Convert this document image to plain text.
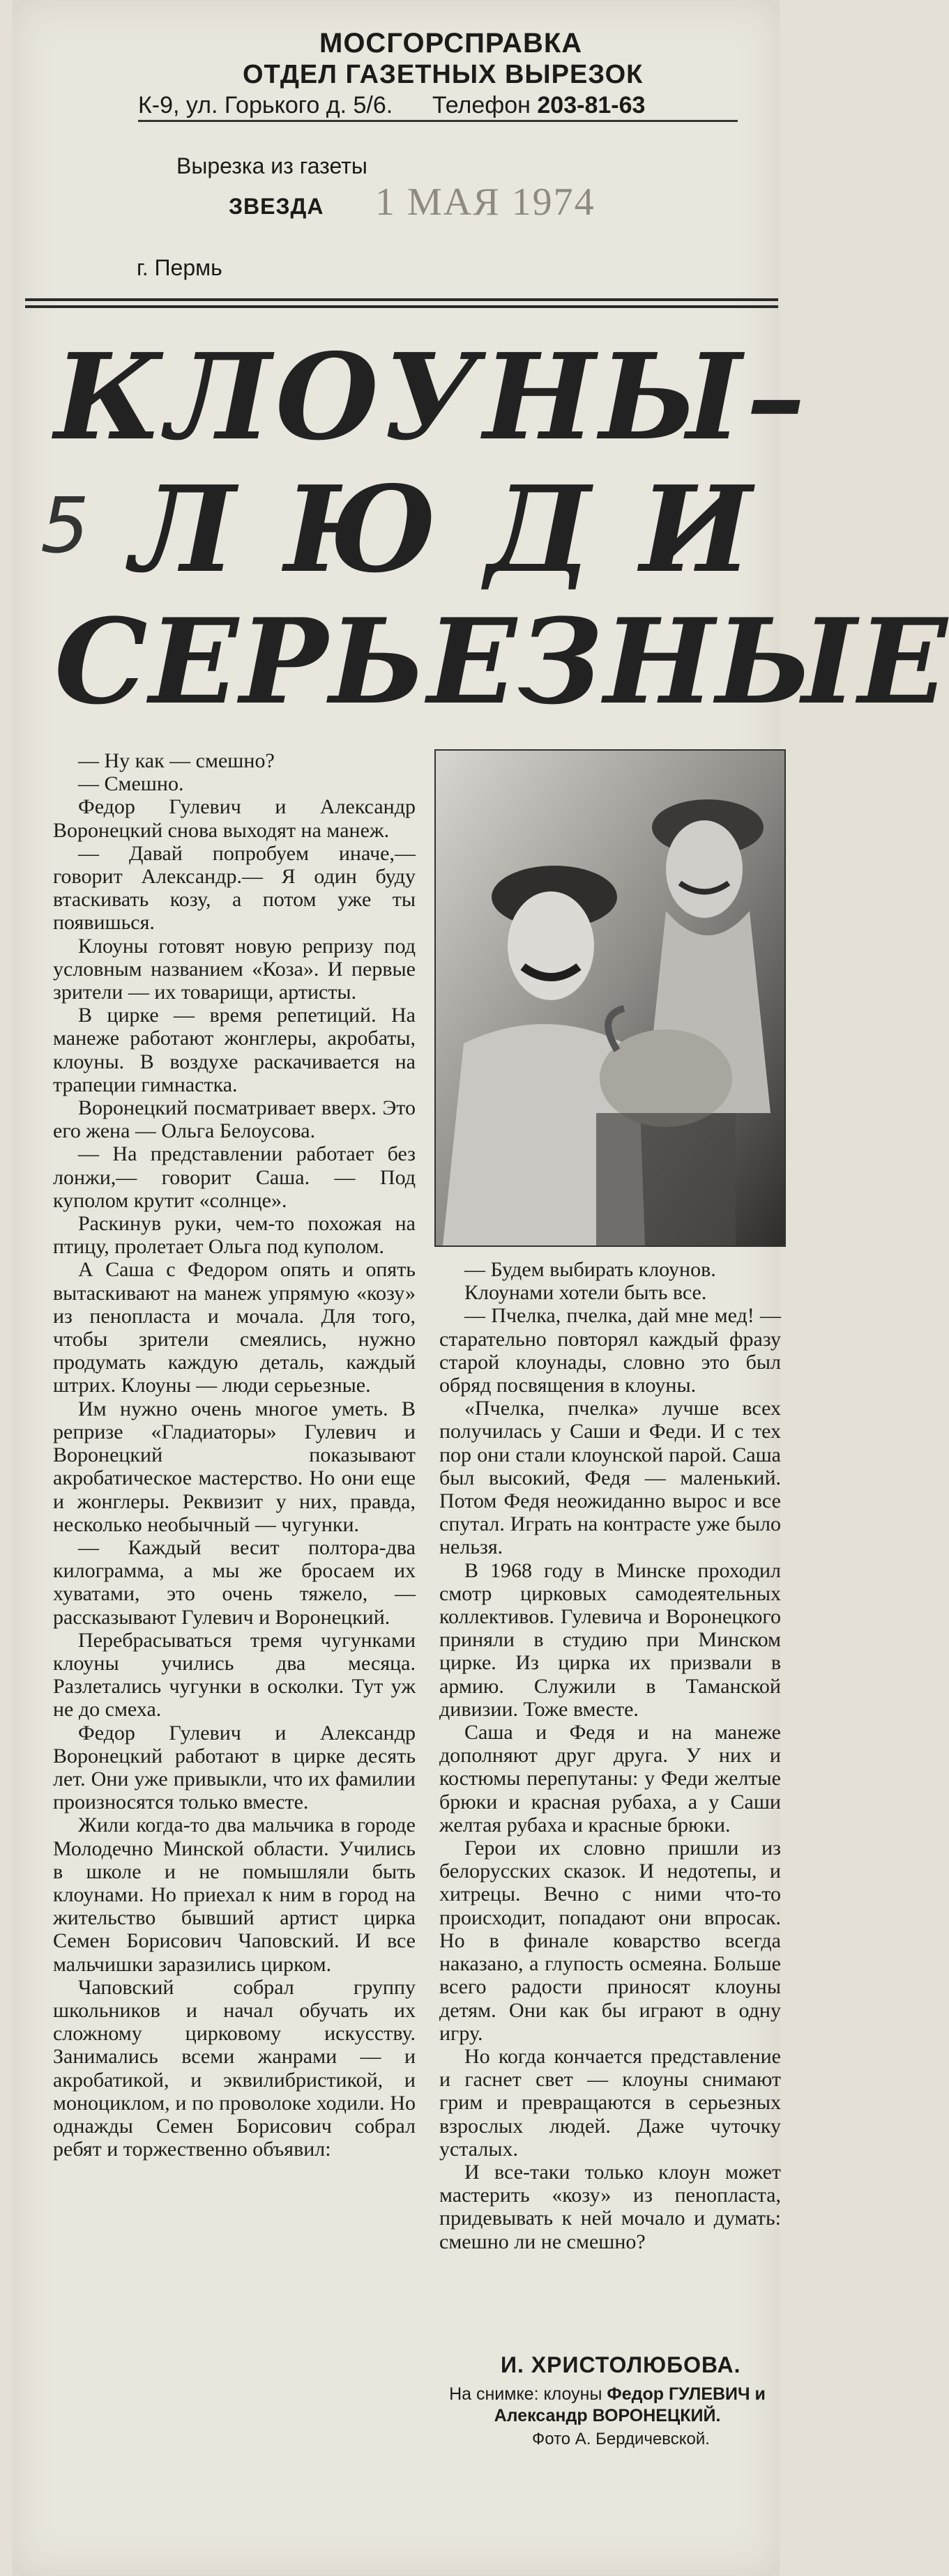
МОСГОРСПРАВКА
ОТДЕЛ ГАЗЕТНЫХ ВЫРЕЗОК
К-9, ул. Горького д. 5/6. Телефон 203-81-63
Вырезка из газеты
ЗВЕЗДА 1 МАЯ 1974
г. Пермь
5
КЛОУНЫ–
ЛЮДИ
СЕРЬЕЗНЫЕ

— Ну как — смешно?

— Смешно.

Федор Гулевич и Александр Воронецкий снова выходят на манеж.

— Давай попробуем иначе,— говорит Александр.— Я один буду втаскивать козу, а потом уже ты появишься.

Клоуны готовят новую репризу под условным названием «Коза». И первые зрители — их товарищи, артисты.

В цирке — время репетиций. На манеже работают жонглеры, акробаты, клоуны. В воздухе раскачивается на трапеции гимнастка.

Воронецкий посматривает вверх. Это его жена — Ольга Белоусова.

— На представлении работает без лонжи,— говорит Саша. — Под куполом крутит «солнце».

Раскинув руки, чем-то похожая на птицу, пролетает Ольга под куполом.

А Саша с Федором опять и опять вытаскивают на манеж упрямую «козу» из пенопласта и мочала. Для того, чтобы зрители смеялись, нужно продумать каждую деталь, каждый штрих. Клоуны — люди серьезные.

Им нужно очень многое уметь. В репризе «Гладиаторы» Гулевич и Воронецкий показывают акробатическое мастерство. Но они еще и жонглеры. Реквизит у них, правда, несколько необычный — чугунки.

— Каждый весит полтора-два килограмма, а мы же бросаем их хуватами, это очень тяжело, — рассказывают Гулевич и Воронецкий.

Перебрасываться тремя чугунками клоуны учились два месяца. Разлетались чугунки в осколки. Тут уж не до смеха.

Федор Гулевич и Александр Воронецкий работают в цирке десять лет. Они уже привыкли, что их фамилии произносятся только вместе.

Жили когда-то два мальчика в городе Молодечно Минской области. Учились в школе и не помышляли быть клоунами. Но приехал к ним в город на жительство бывший артист цирка Семен Борисович Чаповский. И все мальчишки заразились цирком.

Чаповский собрал группу школьников и начал обучать их сложному цирковому искусству. Занимались всеми жанрами — и акробатикой, и эквилибристикой, и моноциклом, и по проволоке ходили. Но однажды Семен Борисович собрал ребят и торжественно объявил:

— Будем выбирать клоунов.

Клоунами хотели быть все.

— Пчелка, пчелка, дай мне мед! — старательно повторял каждый фразу старой клоунады, словно это был обряд посвящения в клоуны.

«Пчелка, пчелка» лучше всех получилась у Саши и Феди. И с тех пор они стали клоунской парой. Саша был высокий, Федя — маленький. Потом Федя неожиданно вырос и все спутал. Играть на контрасте уже было нельзя.

В 1968 году в Минске проходил смотр цирковых самодеятельных коллективов. Гулевича и Воронецкого приняли в студию при Минском цирке. Из цирка их призвали в армию. Служили в Таманской дивизии. Тоже вместе.

Саша и Федя и на манеже дополняют друг друга. У них и костюмы перепутаны: у Феди желтые брюки и красная рубаха, а у Саши желтая рубаха и красные брюки.

Герои их словно пришли из белорусских сказок. И недотепы, и хитрецы. Вечно с ними что-то происходит, попадают они впросак. Но в финале коварство всегда наказано, а глупость осмеяна. Больше всего радости приносят клоуны детям. Они как бы играют в одну игру.

Но когда кончается представление и гаснет свет — клоуны снимают грим и превращаются в серьезных взрослых людей. Даже чуточку усталых.

И все-таки только клоун может мастерить «козу» из пенопласта, придевывать к ней мочало и думать: смешно ли не смешно?

И. ХРИСТОЛЮБОВА.
На снимке: клоуны Федор ГУЛЕВИЧ и Александр ВОРОНЕЦКИЙ.
Фото А. Бердичевской.
